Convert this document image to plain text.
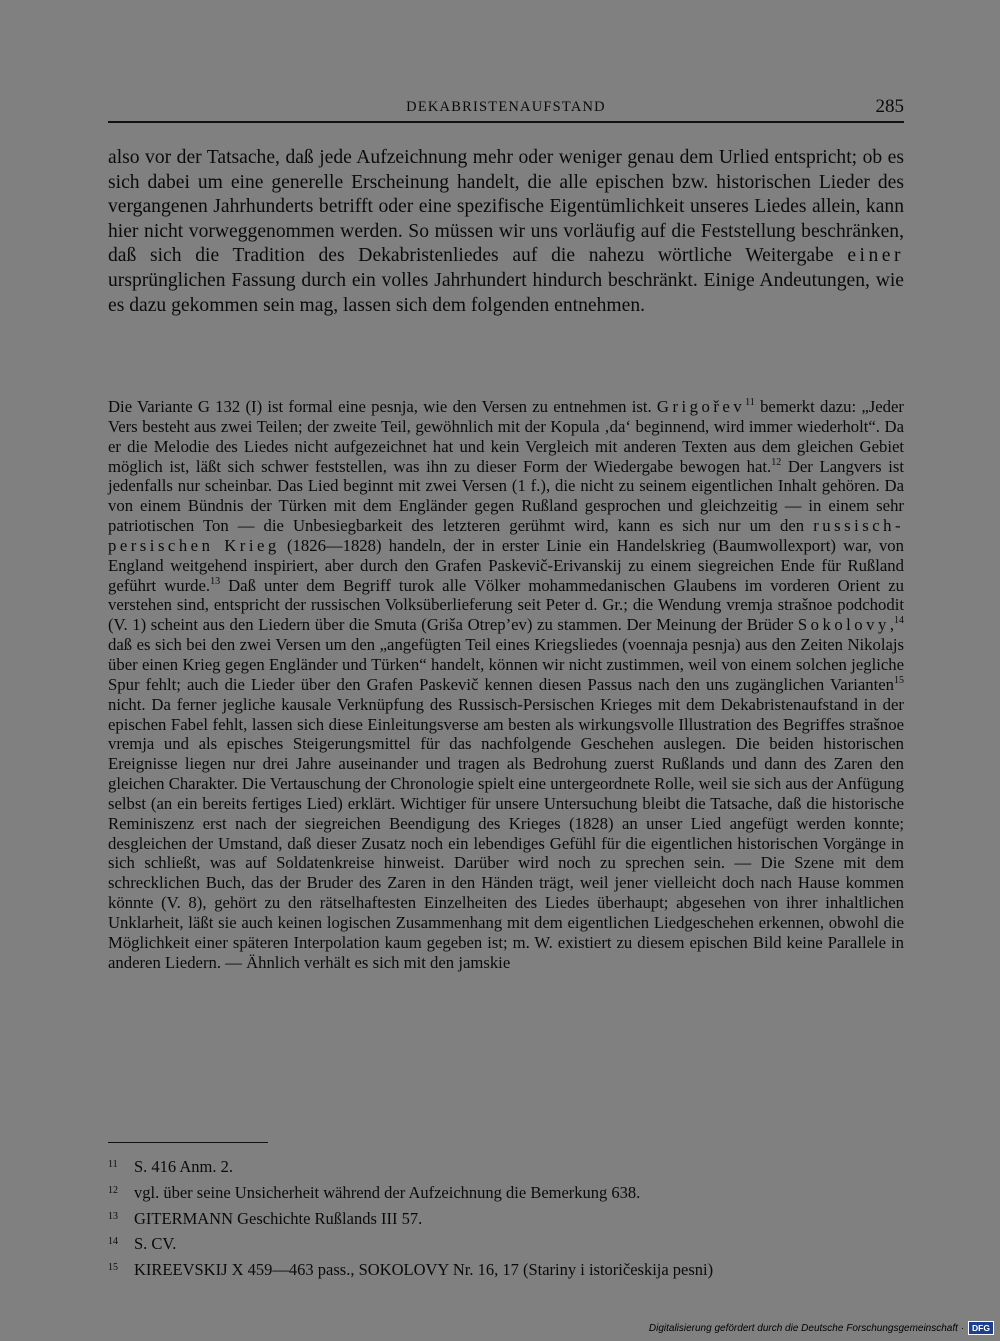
DEKABRISTENAUFSTAND	285

also vor der Tatsache, daß jede Aufzeichnung mehr oder weniger genau dem Urlied entspricht; ob es sich dabei um eine generelle Erscheinung handelt, die alle epischen bzw. historischen Lieder des vergangenen Jahrhunderts betrifft oder eine spezifische Eigentümlichkeit unseres Liedes allein, kann hier nicht vorweggenommen werden. So müssen wir uns vorläufig auf die Feststellung beschränken, daß sich die Tradition des Dekabristenliedes auf die nahezu wörtliche Weitergabe einer ursprünglichen Fassung durch ein volles Jahrhundert hindurch beschränkt. Einige Andeutungen, wie es dazu gekommen sein mag, lassen sich dem folgenden entnehmen.

Die Variante G 132 (I) ist formal eine pesnja, wie den Versen zu entnehmen ist. Grigořev$^{11}$ bemerkt dazu: „Jeder Vers besteht aus zwei Teilen; der zweite Teil, gewöhnlich mit der Kopula ‚da‘ beginnend, wird immer wiederholt“. Da er die Melodie des Liedes nicht aufgezeichnet hat und kein Vergleich mit anderen Texten aus dem gleichen Gebiet möglich ist, läßt sich schwer feststellen, was ihn zu dieser Form der Wiedergabe bewogen hat.$^{12}$ Der Langvers ist jedenfalls nur scheinbar. Das Lied beginnt mit zwei Versen (1 f.), die nicht zu seinem eigentlichen Inhalt gehören. Da von einem Bündnis der Türken mit dem Engländer gegen Rußland gesprochen und gleichzeitig — in einem sehr patriotischen Ton — die Unbesiegbarkeit des letzteren gerühmt wird, kann es sich nur um den russisch-persischen Krieg (1826—1828) handeln, der in erster Linie ein Handelskrieg (Baumwollexport) war, von England weitgehend inspiriert, aber durch den Grafen Paskevič-Erivanskij zu einem siegreichen Ende für Rußland geführt wurde.$^{13}$ Daß unter dem Begriff turok alle Völker mohammedanischen Glaubens im vorderen Orient zu verstehen sind, entspricht der russischen Volksüberlieferung seit Peter d. Gr.; die Wendung vremja strašnoe podchodit (V. 1) scheint aus den Liedern über die Smuta (Griša Otrep’ev) zu stammen. Der Meinung der Brüder Sokolovy,$^{14}$ daß es sich bei den zwei Versen um den „angefügten Teil eines Kriegsliedes (voennaja pesnja) aus den Zeiten Nikolajs über einen Krieg gegen Engländer und Türken“ handelt, können wir nicht zustimmen, weil von einem solchen jegliche Spur fehlt; auch die Lieder über den Grafen Paskevič kennen diesen Passus nach den uns zugänglichen Varianten$^{15}$ nicht. Da ferner jegliche kausale Verknüpfung des Russisch-Persischen Krieges mit dem Dekabristenaufstand in der epischen Fabel fehlt, lassen sich diese Einleitungsverse am besten als wirkungsvolle Illustration des Begriffes strašnoe vremja und als episches Steigerungsmittel für das nachfolgende Geschehen auslegen. Die beiden historischen Ereignisse liegen nur drei Jahre auseinander und tragen als Bedrohung zuerst Rußlands und dann des Zaren den gleichen Charakter. Die Vertauschung der Chronologie spielt eine untergeordnete Rolle, weil sie sich aus der Anfügung selbst (an ein bereits fertiges Lied) erklärt. Wichtiger für unsere Untersuchung bleibt die Tatsache, daß die historische Reminiszenz erst nach der siegreichen Beendigung des Krieges (1828) an unser Lied angefügt werden konnte; desgleichen der Umstand, daß dieser Zusatz noch ein lebendiges Gefühl für die eigentlichen historischen Vorgänge in sich schließt, was auf Soldatenkreise hinweist. Darüber wird noch zu sprechen sein. — Die Szene mit dem schrecklichen Buch, das der Bruder des Zaren in den Händen trägt, weil jener vielleicht doch nach Hause kommen könnte (V. 8), gehört zu den rätselhaftesten Einzelheiten des Liedes überhaupt; abgesehen von ihrer inhaltlichen Unklarheit, läßt sie auch keinen logischen Zusammenhang mit dem eigentlichen Liedgeschehen erkennen, obwohl die Möglichkeit einer späteren Interpolation kaum gegeben ist; m. W. existiert zu diesem epischen Bild keine Parallele in anderen Liedern. — Ähnlich verhält es sich mit den jamskie

11 S. 416 Anm. 2.

12 vgl. über seine Unsicherheit während der Aufzeichnung die Bemerkung 638.

13 GITERMANN Geschichte Rußlands III 57.

14 S. CV.

15 KIREEVSKIJ X 459—463 pass., SOKOLOVY Nr. 16, 17 (Stariny i istoričeskija pesni)

Digitalisierung gefördert durch die Deutsche Forschungsgemeinschaft · DFG
